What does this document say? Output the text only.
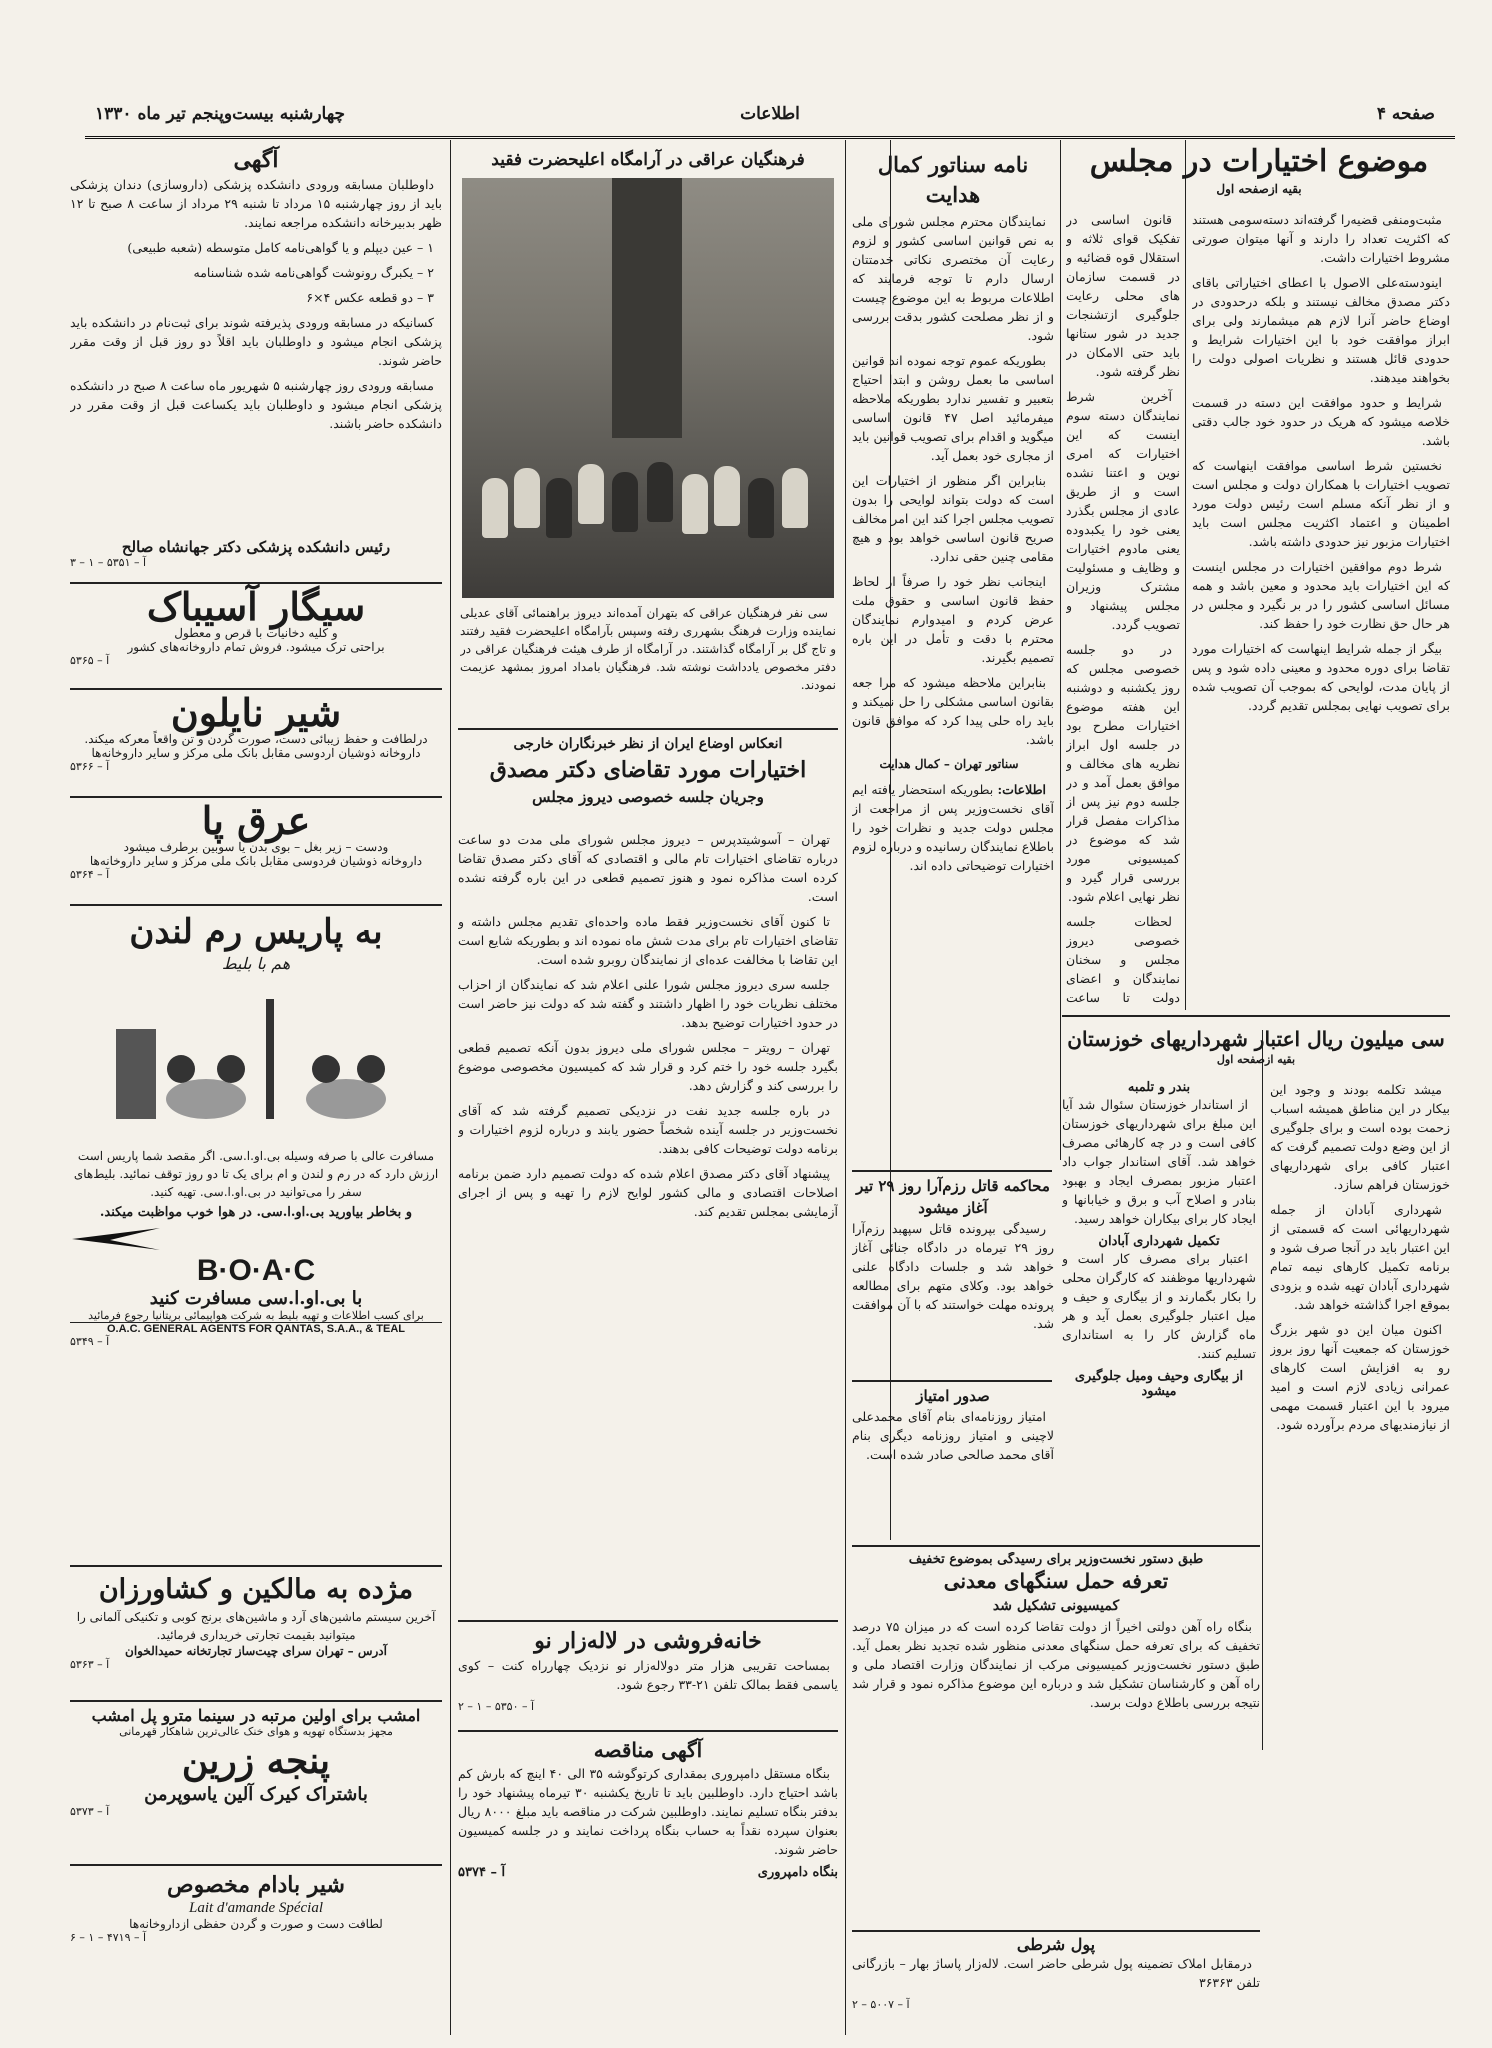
صفحه ۴
اطلاعات
چهارشنبه بیست‌وپنجم تیر ماه ۱۳۳۰
موضوع اختیارات در مجلس
بقیه ازصفحه اول

مثبت‌ومنفی قضیه‌را گرفته‌اند دسته‌سومی هستند که اکثریت تعداد را دارند و آنها میتوان صورتی مشروط اختیارات داشت.

اینودسته‌علی الاصول با اعطای اختیاراتی باقای دکتر مصدق مخالف نیستند و بلکه درحدودی در اوضاع حاضر آنرا لازم هم میشمارند ولی برای ابراز موافقت خود با این اختیارات شرایط و حدودی قائل هستند و نظریات اصولی دولت را بخواهند میدهند.

شرایط و حدود موافقت این دسته در قسمت خلاصه میشود که هریک در حدود خود جالب دقتی باشد.

نخستین شرط اساسی موافقت اینهاست که تصویب اختیارات با همکاران دولت و مجلس است و از نظر آنکه مسلم است رئیس دولت مورد اطمینان و اعتماد اکثریت مجلس است باید اختیارات مزبور نیز حدودی داشته باشد.

شرط دوم موافقین اختیارات در مجلس اینست که این اختیارات باید محدود و معین باشد و همه مسائل اساسی کشور را در بر نگیرد و مجلس در هر حال حق نظارت خود را حفظ کند.

بیگر از جمله شرایط اینهاست که اختیارات مورد تقاضا برای دوره محدود و معینی داده شود و پس از پایان مدت، لوایحی که بموجب آن تصویب شده برای تصویب نهایی بمجلس تقدیم گردد.

قانون اساسی در تفکیک قوای ثلاثه و استقلال قوه قضائیه و در قسمت سازمان های محلی رعایت جلوگیری ازتشنجات جدید در شور ستانها باید حتی الامکان در نظر گرفته شود.

آخرین شرط نمایندگان دسته سوم اینست که این اختیارات که امری نوین و اعتنا نشده است و از طریق عادی از مجلس بگذرد یعنی خود را یکبدوده یعنی مادوم اختیارات و وظایف و مسئولیت مشترک وزیران مجلس پیشنهاد و تصویب گردد.

در دو جلسه خصوصی مجلس که روز یکشنبه و دوشنبه این هفته موضوع اختیارات مطرح بود در جلسه اول ابراز نظریه های مخالف و موافق بعمل آمد و در جلسه دوم نیز پس از مذاکرات مفصل قرار شد که موضوع در کمیسیونی مورد بررسی قرار گیرد و نظر نهایی اعلام شود.

لحظات جلسه خصوصی دیروز مجلس و سخنان نمایندگان و اعضای دولت تا ساعت

نامه سناتور کمال هدایت

نمایندگان محترم مجلس شورای ملی به نص قوانین اساسی کشور و لزوم رعایت آن مختصری نکاتی خدمتتان ارسال دارم تا توجه فرمایند که اطلاعات مربوط به این موضوع چیست و از نظر مصلحت کشور بدقت بررسی شود.

بطوریکه عموم توجه نموده اند قوانین اساسی ما بعمل روشن و ابتدا احتیاج بتعبیر و تفسیر ندارد بطوریکه ملاحظه میفرمائید اصل ۴۷ قانون اساسی میگوید و اقدام برای تصویب قوانین باید از مجاری خود بعمل آید.

بنابراین اگر منظور از اختیارات این است که دولت بتواند لوایحی را بدون تصویب مجلس اجرا کند این امر مخالف صریح قانون اساسی خواهد بود و هیچ مقامی چنین حقی ندارد.

اینجانب نظر خود را صرفاً از لحاظ حفظ قانون اساسی و حقوق ملت عرض کردم و امیدوارم نمایندگان محترم با دقت و تأمل در این باره تصمیم بگیرند.

بنابراین ملاحظه میشود که مرا جعه بقانون اساسی مشکلی را حل نمیکند و باید راه حلی پیدا کرد که موافق قانون باشد.

سناتور تهران – کمال هدایت

اطلاعات: بطوریکه استحضار یافته ایم آقای نخست‌وزیر پس از مراجعت از مجلس دولت جدید و نظرات خود را باطلاع نمایندگان رسانیده و درباره لزوم اختیارات توضیحاتی داده اند.

محاکمه قاتل رزم‌آرا روز ۲۹ تیر آغاز میشود

رسیدگی بپرونده قاتل سپهبد رزم‌آرا روز ۲۹ تیرماه در دادگاه جنائی آغاز خواهد شد و جلسات دادگاه علنی خواهد بود. وکلای متهم برای مطالعه پرونده مهلت خواستند که با آن موافقت شد.

صدور امتیاز

امتیاز روزنامه‌ای بنام آقای محمدعلی لاچینی و امتیاز روزنامه دیگری بنام آقای محمد صالحی صادر شده است.

سی میلیون ریال اعتبار شهرداریهای خوزستان
بقیه ازصفحه اول

میشد تکلمه بودند و وجود این بیکار در این مناطق همیشه اسباب زحمت بوده است و برای جلوگیری از این وضع دولت تصمیم گرفت که اعتبار کافی برای شهرداریهای خوزستان فراهم سازد.

شهرداری آبادان از جمله شهرداریهائی است که قسمتی از این اعتبار باید در آنجا صرف شود و برنامه تکمیل کارهای نیمه تمام شهرداری آبادان تهیه شده و بزودی بموقع اجرا گذاشته خواهد شد.

اکنون میان این دو شهر بزرگ خوزستان که جمعیت آنها روز بروز رو به افزایش است کارهای عمرانی زیادی لازم است و امید میرود با این اعتبار قسمت مهمی از نیازمندیهای مردم برآورده شود.

بندر و تلمبه

از استاندار خوزستان سئوال شد آیا این مبلغ برای شهرداریهای خوزستان کافی است و در چه کارهائی مصرف خواهد شد. آقای استاندار جواب داد اعتبار مزبور بمصرف ایجاد و بهبود بنادر و اصلاح آب و برق و خیابانها و ایجاد کار برای بیکاران خواهد رسید.

تکمیل شهرداری آبادان

اعتبار برای مصرف کار است و شهرداریها موظفند که کارگران محلی را بکار بگمارند و از بیگاری و حیف و میل اعتبار جلوگیری بعمل آید و هر ماه گزارش کار را به استانداری تسلیم کنند.

از بیگاری وحیف ومیل جلوگیری میشود
طبق دستور نخست‌وزیر برای رسیدگی بموضوع تخفیف
تعرفه حمل سنگهای معدنی
کمیسیونی تشکیل شد

بنگاه راه آهن دولتی اخیراً از دولت تقاضا کرده است که در میزان ۷۵ درصد تخفیف که برای تعرفه حمل سنگهای معدنی منظور شده تجدید نظر بعمل آید. طبق دستور نخست‌وزیر کمیسیونی مرکب از نمایندگان وزارت اقتصاد ملی و راه آهن و کارشناسان تشکیل شد و درباره این موضوع مذاکره نمود و قرار شد نتیجه بررسی باطلاع دولت برسد.

پول شرطی

درمقابل املاک تضمینه پول شرطی حاضر است. لاله‌زار پاساژ بهار – بازرگانی تلفن ۳۶۳۶۳

آ – ۵۰۰۷ – ۲
فرهنگیان عراقی در آرامگاه اعلیحضرت فقید

سی نفر فرهنگیان عراقی که بتهران آمده‌اند دیروز براهنمائی آقای عدیلی نماینده وزارت فرهنگ بشهرری رفته وسپس بآرامگاه اعلیحضرت فقید رفتند و تاج گل بر آرامگاه گذاشتند. در آرامگاه از طرف هیئت فرهنگیان عراقی در دفتر مخصوص یادداشت نوشته شد. فرهنگیان بامداد امروز بمشهد عزیمت نمودند.

انعکاس اوضاع ایران از نظر خبرنگاران خارجی
اختیارات مورد تقاضای دکتر مصدق
وجریان جلسه خصوصی دیروز مجلس

تهران – آسوشیتدپرس – دیروز مجلس شورای ملی مدت دو ساعت درباره تقاضای اختیارات تام مالی و اقتصادی که آقای دکتر مصدق تقاضا کرده است مذاکره نمود و هنوز تصمیم قطعی در این باره گرفته نشده است.

تا کنون آقای نخست‌وزیر فقط ماده واحده‌ای تقدیم مجلس داشته و تقاضای اختیارات تام برای مدت شش ماه نموده اند و بطوریکه شایع است این تقاضا با مخالفت عده‌ای از نمایندگان روبرو شده است.

جلسه سری دیروز مجلس شورا علنی اعلام شد که نمایندگان از احزاب مختلف نظریات خود را اظهار داشتند و گفته شد که دولت نیز حاضر است در حدود اختیارات توضیح بدهد.

تهران – رویتر – مجلس شورای ملی دیروز بدون آنکه تصمیم قطعی بگیرد جلسه خود را ختم کرد و قرار شد که کمیسیون مخصوصی موضوع را بررسی کند و گزارش دهد.

در باره جلسه جدید نفت در نزدیکی تصمیم گرفته شد که آقای نخست‌وزیر در جلسه آینده شخصاً حضور یابند و درباره لزوم اختیارات و برنامه دولت توضیحات کافی بدهند.

پیشنهاد آقای دکتر مصدق اعلام شده که دولت تصمیم دارد ضمن برنامه اصلاحات اقتصادی و مالی کشور لوایح لازم را تهیه و پس از اجرای آزمایشی بمجلس تقدیم کند.

خانه‌فروشی در لاله‌زار نو

بمساحت تقریبی هزار متر دولاله‌زار نو نزدیک چهارراه کنت – کوی یاسمی فقط بمالک تلفن ۲۱-۳۳ رجوع شود.

آ – ۵۳۵۰ – ۱ – ۲
آگهی مناقصه

بنگاه مستقل دامپروری بمقداری کرتوگوشه ۳۵ الی ۴۰ اینچ که بارش کم باشد احتیاج دارد. داوطلبین باید تا تاریخ یکشنبه ۳۰ تیرماه پیشنهاد خود را بدفتر بنگاه تسلیم نمایند. داوطلبین شرکت در مناقصه باید مبلغ ۸۰۰۰ ریال بعنوان سپرده نقداً به حساب بنگاه پرداخت نمایند و در جلسه کمیسیون حاضر شوند.

بنگاه دامپروری
آ – ۵۳۷۴
آگهی

داوطلبان مسابقه ورودی دانشکده پزشکی (داروسازی) دندان پزشکی باید از روز چهارشنبه ۱۵ مرداد تا شنبه ۲۹ مرداد از ساعت ۸ صبح تا ۱۲ ظهر بدبیرخانه دانشکده مراجعه نمایند.

۱ – عین دیپلم و یا گواهی‌نامه کامل متوسطه (شعبه طبیعی)

۲ – یکبرگ رونوشت گواهی‌نامه شده شناسنامه

۳ – دو قطعه عکس ۴×۶

کسانیکه در مسابقه ورودی پذیرفته شوند برای ثبت‌نام در دانشکده باید پزشکی انجام میشود و داوطلبان باید اقلاً دو روز قبل از وقت مقرر حاضر شوند.

مسابقه ورودی روز چهارشنبه ۵ شهریور ماه ساعت ۸ صبح در دانشکده پزشکی انجام میشود و داوطلبان باید یکساعت قبل از وقت مقرر در دانشکده حاضر باشند.

رئیس دانشکده پزشکی دکتر جهانشاه صالح
آ – ۵۳۵۱ – ۱ – ۳
سیگار آسیباک
و کلیه دخانیات با قرص و معطول
براحتی ترک میشود. فروش تمام داروخانه‌های کشور
آ – ۵۳۶۵
شیر نایلون
درلطافت و حفظ زیبائی دست، صورت گردن و تن واقعاً معرکه میکند.
داروخانه ذوشیان اردوسی مقابل بانک ملی مرکز و سایر داروخانه‌ها
آ – ۵۳۶۶
عرق پا
ودست – زیر بغل – بوی بدن یا سوبین برطرف میشود
داروخانه ذوشیان فردوسی مقابل بانک ملی مرکز و سایر داروخانه‌ها
آ – ۵۳۶۴
به پاریس رم لندن
هم با بلیط

مسافرت عالی با صرفه وسیله بی.او.ا.سی. اگر مقصد شما پاریس است ارزش دارد که در رم و لندن و ام برای یک تا دو روز توقف نمائید. بلیط‌های سفر را می‌توانید در بی.او.ا.سی. تهیه کنید.

و بخاطر بیاورید بی.او.ا.سی. در هوا خوب مواظبت میکند.

B·O·A·C
با بی.او.ا.سی مسافرت کنید
برای کسب اطلاعات و تهیه بلیط به شرکت هواپیمائی بریتانیا رجوع فرمائید
O.A.C. GENERAL AGENTS FOR QANTAS, S.A.A., & TEAL
آ – ۵۳۴۹
مژده به مالکین و کشاورزان
آخرین سیستم ماشین‌های آرد و ماشین‌های برنج کوبی و تکنیکی آلمانی را میتوانید بقیمت تجارتی خریداری فرمائید.
آدرس – تهران سرای چیت‌ساز تجارتخانه حمیدالخوان
آ – ۵۳۶۳
امشب برای اولین مرتبه در سینما مترو پل امشب
مجهز بدستگاه تهویه و هوای خنک عالی‌ترین شاهکار قهرمانی
پنجه زرین
باشتراک کیرک آلین یاسوپرمن
آ – ۵۳۷۳
شیر بادام مخصوص
Lait d'amande Spécial
لطافت دست و صورت و گردن حفظی ازداروخانه‌ها
آ – ۴۷۱۹ – ۱ – ۶
